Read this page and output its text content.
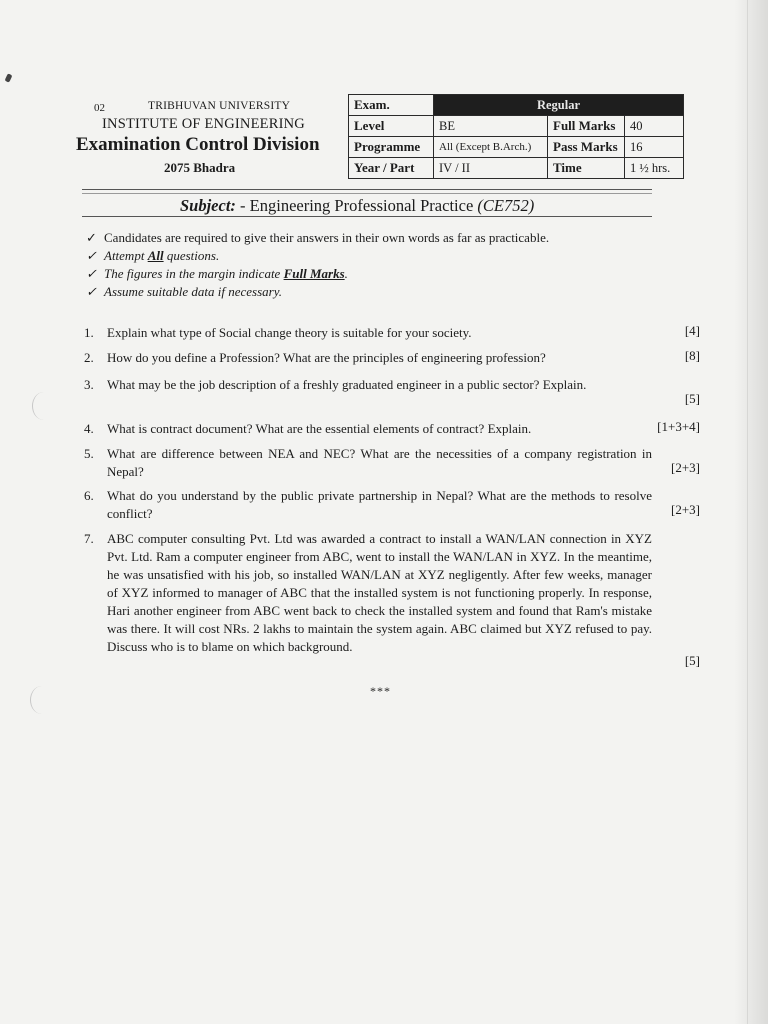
02	TRIBHUVAN UNIVERSITY
INSTITUTE OF ENGINEERING
Examination Control Division
2075 Bhadra
Exam.	Regular		
Level	BE	Full Marks	40
Programme	All (Except B.Arch.)	Pass Marks	16
Year / Part	IV / II	Time	1 ½ hrs.
Subject: - Engineering Professional Practice (CE752)
✓ Candidates are required to give their answers in their own words as far as practicable.
✓ Attempt All questions.
✓ The figures in the margin indicate Full Marks.
✓ Assume suitable data if necessary.
1. Explain what type of Social change theory is suitable for your society.	[4]
2. How do you define a Profession? What are the principles of engineering profession?	[8]
3. What may be the job description of a freshly graduated engineer in a public sector? Explain.
[5]
4. What is contract document? What are the essential elements of contract? Explain.	[1+3+4]
5. What are difference between NEA and NEC? What are the necessities of a company registration in Nepal?	[2+3]
6. What do you understand by the public private partnership in Nepal? What are the methods to resolve conflict?	[2+3]
7. ABC computer consulting Pvt. Ltd was awarded a contract to install a WAN/LAN connection in XYZ Pvt. Ltd. Ram a computer engineer from ABC, went to install the WAN/LAN in XYZ. In the meantime, he was unsatisfied with his job, so installed WAN/LAN at XYZ negligently. After few weeks, manager of XYZ informed to manager of ABC that the installed system is not functioning properly. In response, Hari another engineer from ABC went back to check the installed system and found that Ram's mistake was there. It will cost NRs. 2 lakhs to maintain the system again. ABC claimed but XYZ refused to pay. Discuss who is to blame on which background.
[5]
***
